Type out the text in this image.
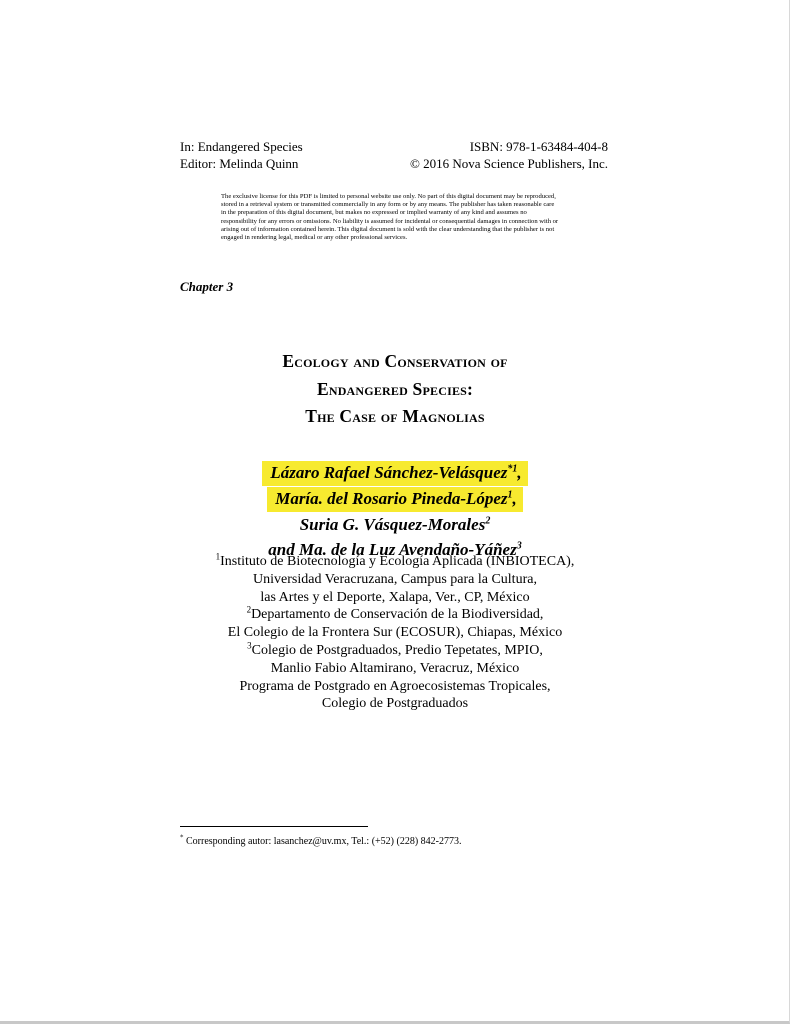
In: Endangered Species	ISBN: 978-1-63484-404-8
Editor: Melinda Quinn	© 2016 Nova Science Publishers, Inc.
The exclusive license for this PDF is limited to personal website use only. No part of this digital document may be reproduced, stored in a retrieval system or transmitted commercially in any form or by any means. The publisher has taken reasonable care in the preparation of this digital document, but makes no expressed or implied warranty of any kind and assumes no responsibility for any errors or omissions. No liability is assumed for incidental or consequential damages in connection with or arising out of information contained herein. This digital document is sold with the clear understanding that the publisher is not engaged in rendering legal, medical or any other professional services.
Chapter 3
Ecology and Conservation of
Endangered Species:
The Case of Magnolias
Lázaro Rafael Sánchez-Velásquez$^{*1}$,
María. del Rosario Pineda-López$^1$,
Suria G. Vásquez-Morales$^2$
and Ma. de la Luz Avendaño-Yáñez$^3$
$^1$Instituto de Biotecnología y Ecología Aplicada (INBIOTECA),
Universidad Veracruzana, Campus para la Cultura,
las Artes y el Deporte, Xalapa, Ver., CP, México
$^2$Departamento de Conservación de la Biodiversidad,
El Colegio de la Frontera Sur (ECOSUR), Chiapas, México
$^3$Colegio de Postgraduados, Predio Tepetates, MPIO,
Manlio Fabio Altamirano, Veracruz, México
Programa de Postgrado en Agroecosistemas Tropicales,
Colegio de Postgraduados
* Corresponding autor: lasanchez@uv.mx, Tel.: (+52) (228) 842-2773.
